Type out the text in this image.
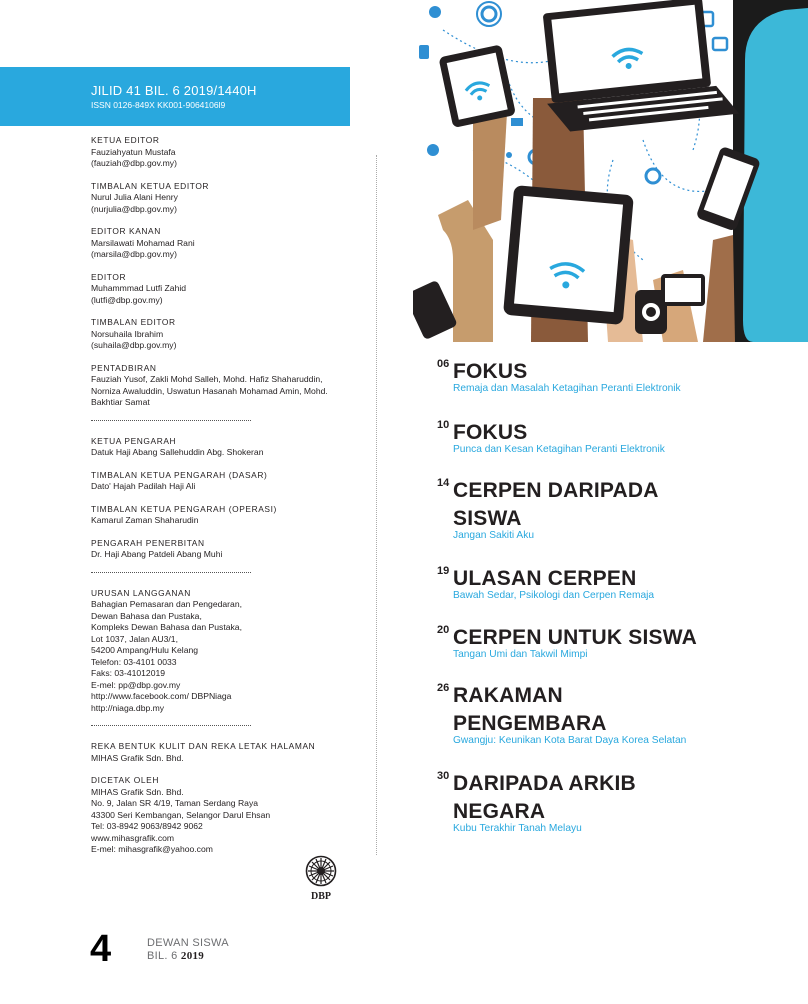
JILID 41 BIL. 6 2019/1440H
ISSN 0126-849X KK001-9064106l9
KETUA EDITOR
Fauziahyatun Mustafa
(fauziah@dbp.gov.my)
TIMBALAN KETUA EDITOR
Nurul Julia Alani Henry
(nurjulia@dbp.gov.my)
EDITOR KANAN
Marsilawati Mohamad Rani
(marsila@dbp.gov.my)
EDITOR
Muhammmad Lutfi Zahid
(lutfi@dbp.gov.my)
TIMBALAN EDITOR
Norsuhaila Ibrahim
(suhaila@dbp.gov.my)
PENTADBIRAN
Fauziah Yusof, Zakli Mohd Salleh, Mohd. Hafiz Shaharuddin,
Norniza Awaluddin, Uswatun Hasanah Mohamad Amin, Mohd.
Bakhtiar Samat
KETUA PENGARAH
Datuk Haji Abang Sallehuddin Abg. Shokeran
TIMBALAN KETUA PENGARAH (DASAR)
Dato' Hajah Padilah Haji Ali
TIMBALAN KETUA PENGARAH (OPERASI)
Kamarul Zaman Shaharudin
PENGARAH PENERBITAN
Dr. Haji Abang Patdeli Abang Muhi
URUSAN LANGGANAN
Bahagian Pemasaran dan Pengedaran,
Dewan Bahasa dan Pustaka,
Kompleks Dewan Bahasa dan Pustaka,
Lot 1037, Jalan AU3/1,
54200 Ampang/Hulu Kelang
Telefon: 03-4101 0033
Faks: 03-41012019
E-mel: pp@dbp.gov.my
http://www.facebook.com/ DBPNiaga
http://niaga.dbp.my
REKA BENTUK KULIT DAN REKA LETAK HALAMAN
MIHAS Grafik Sdn. Bhd.
DICETAK OLEH
MIHAS Grafik Sdn. Bhd.
No. 9, Jalan SR 4/19, Taman Serdang Raya
43300 Seri Kembangan, Selangor Darul Ehsan
Tel: 03-8942 9063/8942 9062
www.mihasgrafik.com
E-mel: mihasgrafik@yahoo.com
DBP
4	DEWAN SISWA
BIL. 6 2019
06 FOKUS
Remaja dan Masalah Ketagihan Peranti Elektronik
10 FOKUS
Punca dan Kesan Ketagihan Peranti Elektronik
14 CERPEN DARIPADA
SISWA
Jangan Sakiti Aku
19 ULASAN CERPEN
Bawah Sedar, Psikologi dan Cerpen Remaja
20 CERPEN UNTUK SISWA
Tangan Umi dan Takwil Mimpi
26 RAKAMAN
PENGEMBARA
Gwangju: Keunikan Kota Barat Daya Korea Selatan
30 DARIPADA ARKIB
NEGARA
Kubu Terakhir Tanah Melayu
